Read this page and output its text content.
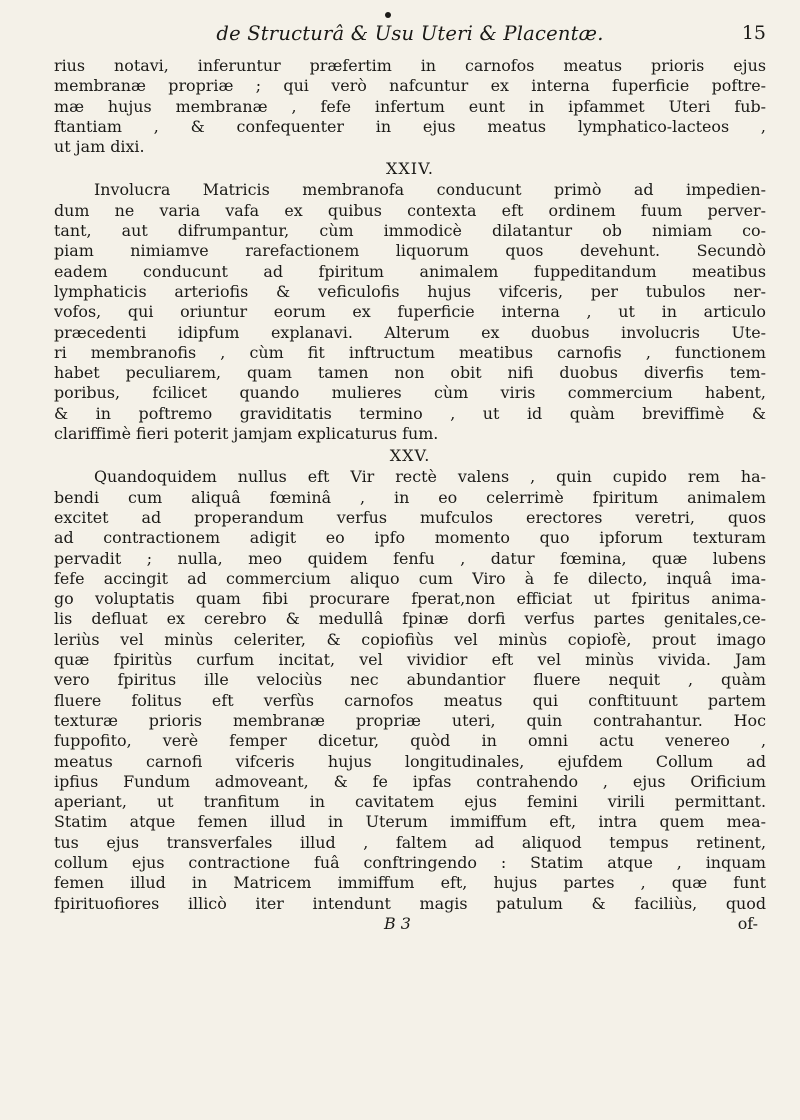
de Structurâ & Usu Uteri & Placentæ.	15

rius notavi, inferuntur præfertim in carnofos meatus prioris ejus

membranæ propriæ ; qui verò nafcuntur ex interna fuperficie poftre-

mæ hujus membranæ , fefe infertum eunt in ipfammet Uteri fub-

ftantiam , & confequenter in ejus meatus lymphatico-lacteos ,

ut jam dixi.

XXIV.

Involucra Matricis membranofa conducunt primò ad impedien-

dum ne varia vafa ex quibus contexta eft ordinem fuum perver-

tant, aut difrumpantur, cùm immodicè dilatantur ob nimiam co-

piam nimiamve rarefactionem liquorum quos devehunt. Secundò

eadem conducunt ad fpiritum animalem fuppeditandum meatibus

lymphaticis arteriofis & veficulofis hujus vifceris, per tubulos ner-

vofos, qui oriuntur eorum ex fuperficie interna , ut in articulo

præcedenti idipfum explanavi. Alterum ex duobus involucris Ute-

ri membranofis , cùm fit inftructum meatibus carnofis , functionem

habet peculiarem, quam tamen non obit nifi duobus diverfis tem-

poribus, fcilicet quando mulieres cùm viris commercium habent,

& in poftremo graviditatis termino , ut id quàm breviffimè &

clariffimè fieri poterit jamjam explicaturus fum.

XXV.

Quandoquidem nullus eft Vir rectè valens , quin cupido rem ha-

bendi cum aliquâ fœminâ , in eo celerrimè fpiritum animalem

excitet ad properandum verfus mufculos erectores veretri, quos

ad contractionem adigit eo ipfo momento quo ipforum texturam

pervadit ; nulla, meo quidem fenfu , datur fœmina, quæ lubens

fefe accingit ad commercium aliquo cum Viro à fe dilecto, inquâ ima-

go voluptatis quam fibi procurare fperat,non efficiat ut fpiritus anima-

lis defluat ex cerebro & medullâ fpinæ dorfi verfus partes genitales,ce-

leriùs vel minùs celeriter, & copiofiùs vel minùs copiofè, prout imago

quæ fpiritùs curfum incitat, vel vividior eft vel minùs vivida. Jam

vero fpiritus ille velociùs nec abundantior fluere nequit , quàm

fluere folitus eft verfùs carnofos meatus qui conftituunt partem

texturæ prioris membranæ propriæ uteri, quin contrahantur. Hoc

fuppofito, verè femper dicetur, quòd in omni actu venereo ,

meatus carnofi vifceris hujus longitudinales, ejufdem Collum ad

ipfius Fundum admoveant, & fe ipfas contrahendo , ejus Orificium

aperiant, ut tranfitum in cavitatem ejus femini virili permittant.

Statim atque femen illud in Uterum immiffum eft, intra quem mea-

tus ejus transverfales illud , faltem ad aliquod tempus retinent,

collum ejus contractione fuâ conftringendo : Statim atque , inquam

femen illud in Matricem immiffum eft, hujus partes , quæ funt

fpirituofiores illicò iter intendunt magis patulum & faciliùs, quod

B 3	of-
